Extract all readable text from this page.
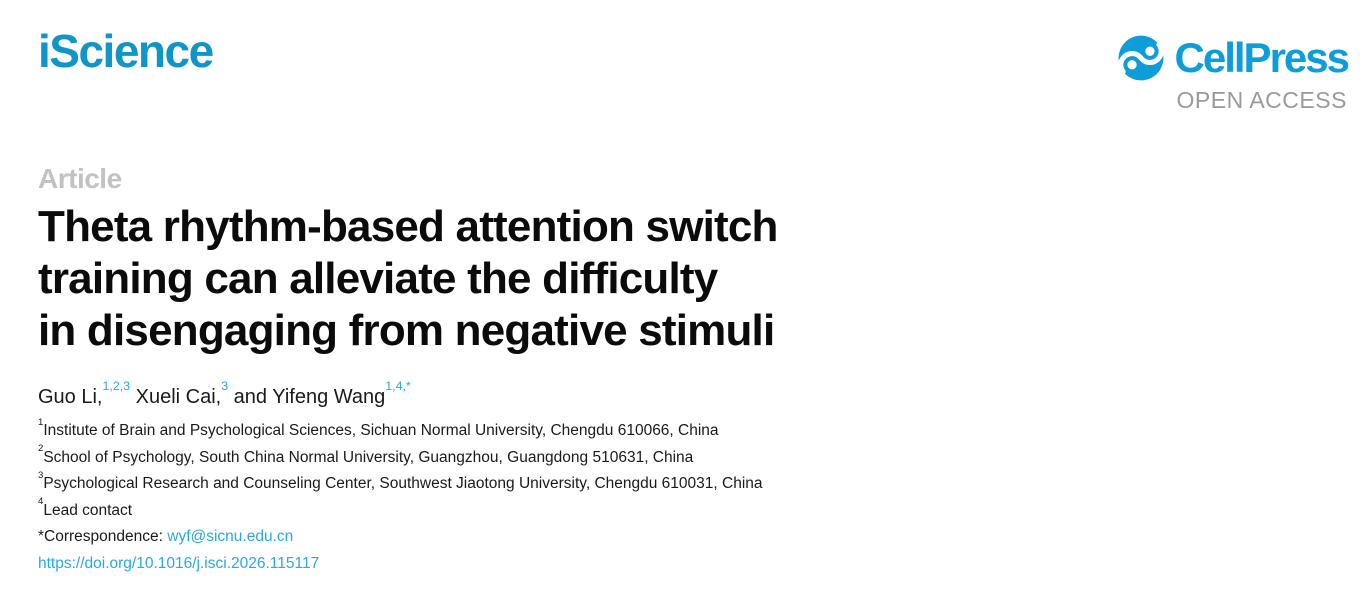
iScience	CellPress
OPEN ACCESS
Article
Theta rhythm-based attention switch
training can alleviate the difficulty
in disengaging from negative stimuli
Guo Li,$^{1,2,3}$ Xueli Cai,$^3$ and Yifeng Wang$^{1,4,*}$
$^1$Institute of Brain and Psychological Sciences, Sichuan Normal University, Chengdu 610066, China
$^2$School of Psychology, South China Normal University, Guangzhou, Guangdong 510631, China
$^3$Psychological Research and Counseling Center, Southwest Jiaotong University, Chengdu 610031, China
$^4$Lead contact
*Correspondence: wyf@sicnu.edu.cn
https://doi.org/10.1016/j.isci.2026.115117
